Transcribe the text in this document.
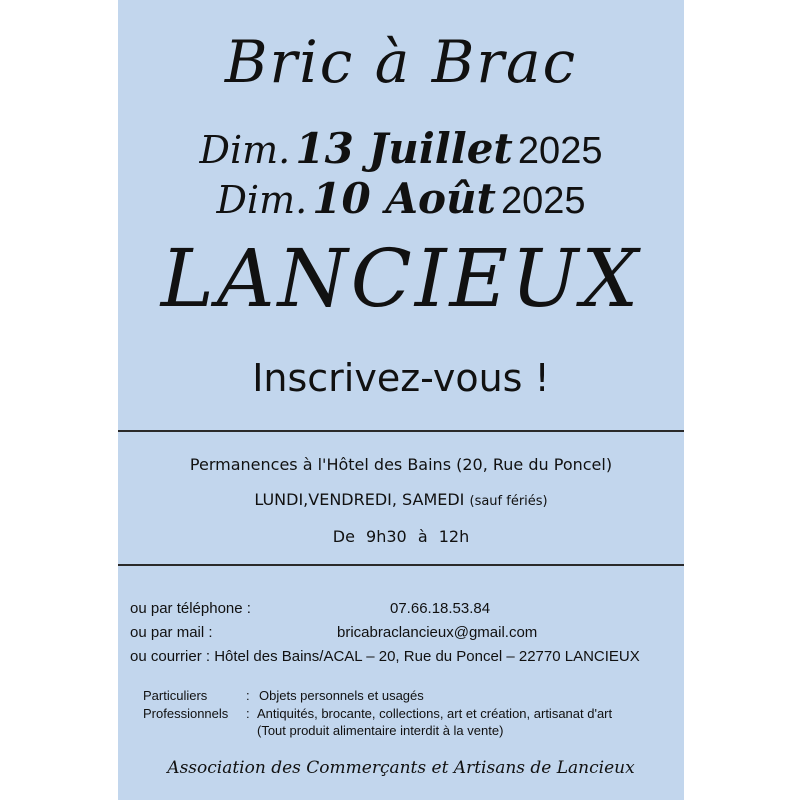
Bric à Brac
Dim. 13 Juillet 2025
Dim. 10 Août 2025
LANCIEUX
Inscrivez-vous !
Permanences à l'Hôtel des Bains (20, Rue du Poncel)
LUNDI,VENDREDI, SAMEDI (sauf fériés)
De 9h30 à 12h
ou par téléphone :	07.66.18.53.84
ou par mail :	bricabraclancieux@gmail.com
ou courrier : Hôtel des Bains/ACAL – 20, Rue du Poncel – 22770 LANCIEUX
Particuliers	: Objets personnels et usagés
Professionnels : Antiquités, brocante, collections, art et création, artisanat d'art
(Tout produit alimentaire interdit à la vente)
Association des Commerçants et Artisans de Lancieux
